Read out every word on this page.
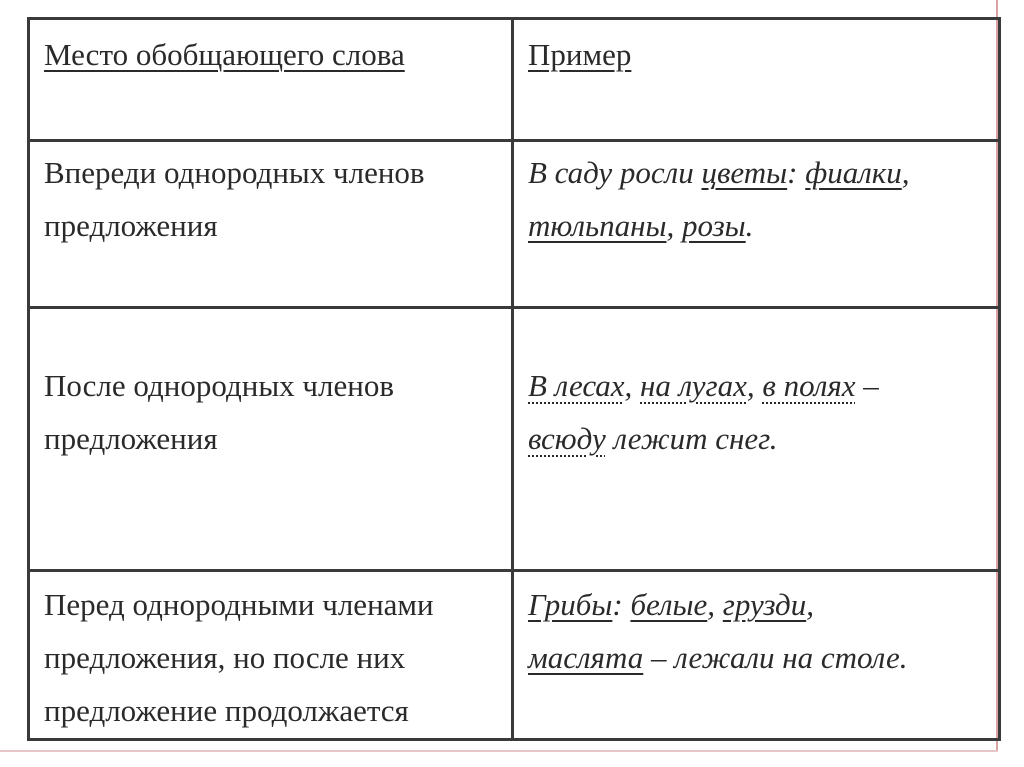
Место обобщающего слова	Пример

Впереди однородных членов
предложения	В саду росли цветы: фиалки,
тюльпаны, розы.

После однородных членов
предложения	В лесах, на лугах, в полях –
всюду лежит снег.

Перед однородными членами
предложения, но после них
предложение продолжается	Грибы: белые, грузди,
маслята – лежали на столе.
